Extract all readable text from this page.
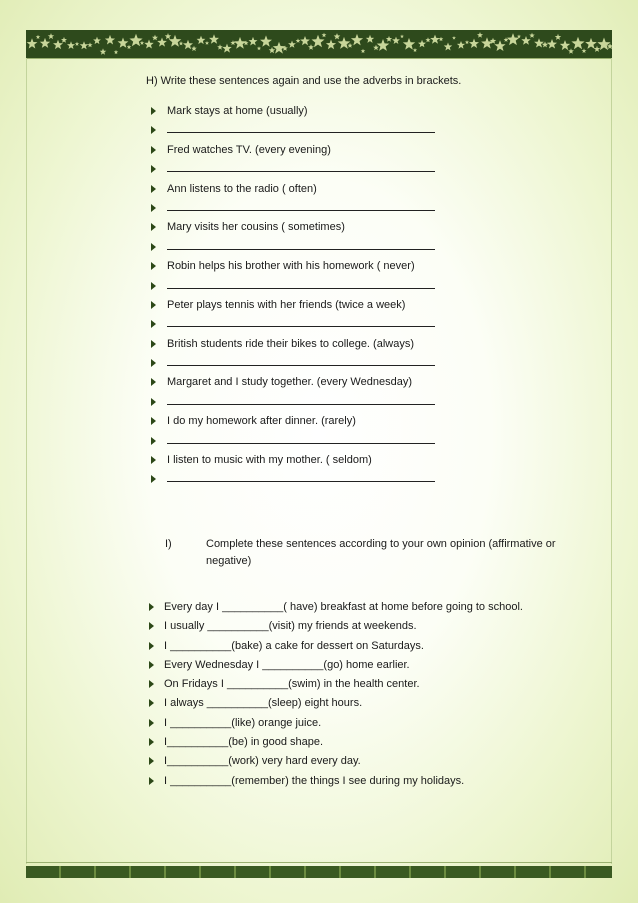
H) Write these sentences again and use the adverbs in brackets.
Mark stays at home (usually)
Fred watches TV. (every evening)
Ann listens to the radio ( often)
Mary visits her cousins ( sometimes)
Robin helps his brother with his homework ( never)
Peter plays tennis with her friends (twice a week)
British students ride their bikes to college. (always)
Margaret and I study together. (every Wednesday)
I do my homework after dinner. (rarely)
I listen to music with my mother. ( seldom)
I)	Complete these sentences according to your own opinion (affirmative or negative)
Every day I __________( have) breakfast at home before going to school.
I usually __________(visit) my friends at weekends.
I __________(bake) a cake for dessert on Saturdays.
Every Wednesday I __________(go) home earlier.
On Fridays I __________(swim) in the health center.
I always __________(sleep) eight hours.
I __________(like) orange juice.
I__________(be) in good shape.
I__________(work) very hard every day.
I __________(remember) the things I see during my holidays.
